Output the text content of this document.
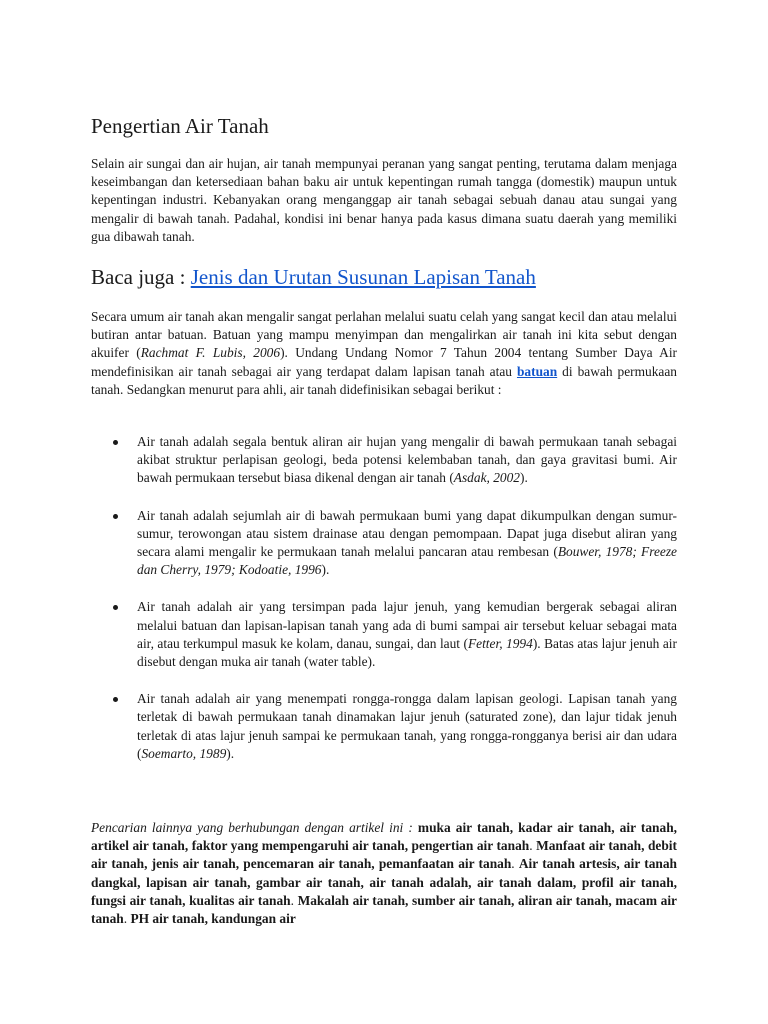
Pengertian Air Tanah

Selain air sungai dan air hujan, air tanah mempunyai peranan yang sangat penting, terutama dalam menjaga keseimbangan dan ketersediaan bahan baku air untuk kepentingan rumah tangga (domestik) maupun untuk kepentingan industri. Kebanyakan orang menganggap air tanah sebagai sebuah danau atau sungai yang mengalir di bawah tanah. Padahal, kondisi ini benar hanya pada kasus dimana suatu daerah yang memiliki gua dibawah tanah.

Baca juga : Jenis dan Urutan Susunan Lapisan Tanah

Secara umum air tanah akan mengalir sangat perlahan melalui suatu celah yang sangat kecil dan atau melalui butiran antar batuan. Batuan yang mampu menyimpan dan mengalirkan air tanah ini kita sebut dengan akuifer (Rachmat F. Lubis, 2006). Undang Undang Nomor 7 Tahun 2004 tentang Sumber Daya Air mendefinisikan air tanah sebagai air yang terdapat dalam lapisan tanah atau batuan di bawah permukaan tanah. Sedangkan menurut para ahli, air tanah didefinisikan sebagai berikut :

Air tanah adalah segala bentuk aliran air hujan yang mengalir di bawah permukaan tanah sebagai akibat struktur perlapisan geologi, beda potensi kelembaban tanah, dan gaya gravitasi bumi. Air bawah permukaan tersebut biasa dikenal dengan air tanah (Asdak, 2002).
Air tanah adalah sejumlah air di bawah permukaan bumi yang dapat dikumpulkan dengan sumur-sumur, terowongan atau sistem drainase atau dengan pemompaan. Dapat juga disebut aliran yang secara alami mengalir ke permukaan tanah melalui pancaran atau rembesan (Bouwer, 1978; Freeze dan Cherry, 1979; Kodoatie, 1996).
Air tanah adalah air yang tersimpan pada lajur jenuh, yang kemudian bergerak sebagai aliran melalui batuan dan lapisan-lapisan tanah yang ada di bumi sampai air tersebut keluar sebagai mata air, atau terkumpul masuk ke kolam, danau, sungai, dan laut (Fetter, 1994). Batas atas lajur jenuh air disebut dengan muka air tanah (water table).
Air tanah adalah air yang menempati rongga-rongga dalam lapisan geologi. Lapisan tanah yang terletak di bawah permukaan tanah dinamakan lajur jenuh (saturated zone), dan lajur tidak jenuh terletak di atas lajur jenuh sampai ke permukaan tanah, yang rongga-rongganya berisi air dan udara (Soemarto, 1989).

Pencarian lainnya yang berhubungan dengan artikel ini : muka air tanah, kadar air tanah, air tanah, artikel air tanah, faktor yang mempengaruhi air tanah, pengertian air tanah. Manfaat air tanah, debit air tanah, jenis air tanah, pencemaran air tanah, pemanfaatan air tanah. Air tanah artesis, air tanah dangkal, lapisan air tanah, gambar air tanah, air tanah adalah, air tanah dalam, profil air tanah, fungsi air tanah, kualitas air tanah. Makalah air tanah, sumber air tanah, aliran air tanah, macam air tanah. PH air tanah, kandungan air
